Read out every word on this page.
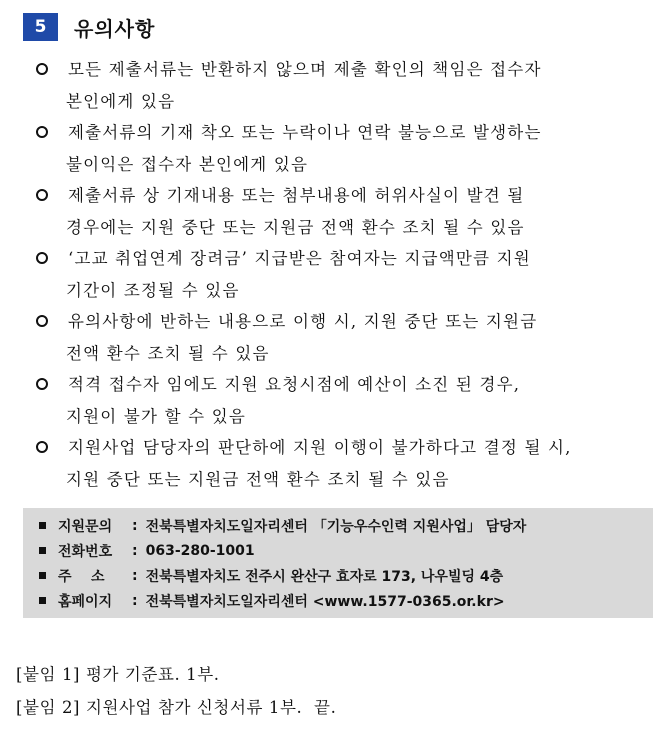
5	유의사항
모든 제출서류는 반환하지 않으며 제출 확인의 책임은 접수자
본인에게 있음
제출서류의 기재 착오 또는 누락이나 연락 불능으로 발생하는
불이익은 접수자 본인에게 있음
제출서류 상 기재내용 또는 첨부내용에 허위사실이 발견 될
경우에는 지원 중단 또는 지원금 전액 환수 조치 될 수 있음
‘고교 취업연계 장려금’ 지급받은 참여자는 지급액만큼 지원
기간이 조정될 수 있음
유의사항에 반하는 내용으로 이행 시, 지원 중단 또는 지원금
전액 환수 조치 될 수 있음
적격 접수자 임에도 지원 요청시점에 예산이 소진 된 경우,
지원이 불가 할 수 있음
지원사업 담당자의 판단하에 지원 이행이 불가하다고 결정 될 시,
지원 중단 또는 지원금 전액 환수 조치 될 수 있음
지원문의	: 전북특별자치도일자리센터 「기능우수인력 지원사업」 담당자
전화번호	: 063-280-1001
주    소	: 전북특별자치도 전주시 완산구 효자로 173, 나우빌딩 4층
홈페이지	: 전북특별자치도일자리센터 <www.1577-0365.or.kr>
[붙임 1] 평가 기준표. 1부.
[붙임 2] 지원사업 참가 신청서류 1부.  끝.
